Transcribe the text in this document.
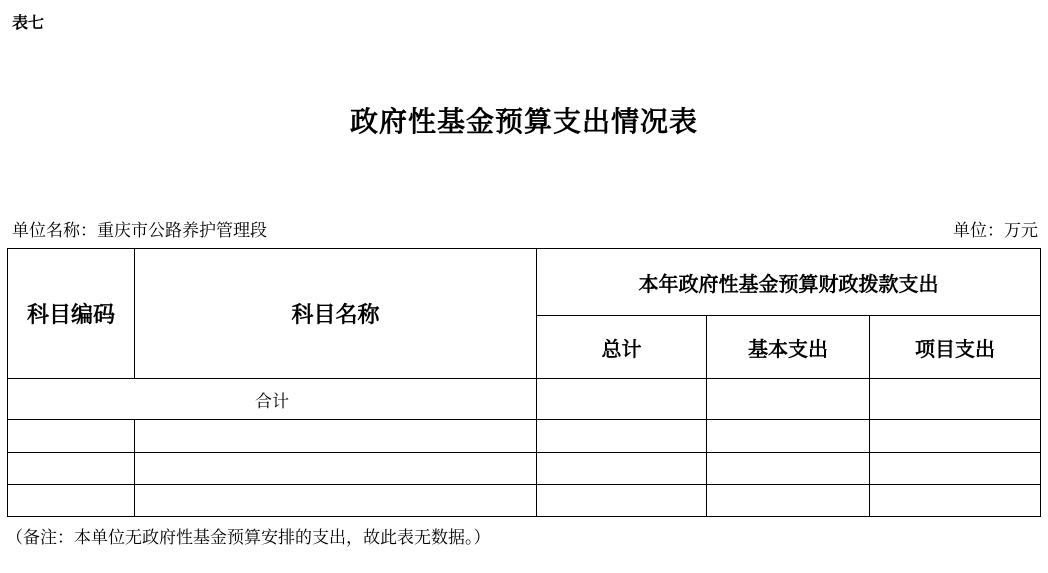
表七
政府性基金预算支出情况表
单位名称：重庆市公路养护管理段	单位：万元
科目编码	科目名称	本年政府性基金预算财政拨款支出		
		总计	基本支出	项目支出
合计				

（备注：本单位无政府性基金预算安排的支出，故此表无数据。）
